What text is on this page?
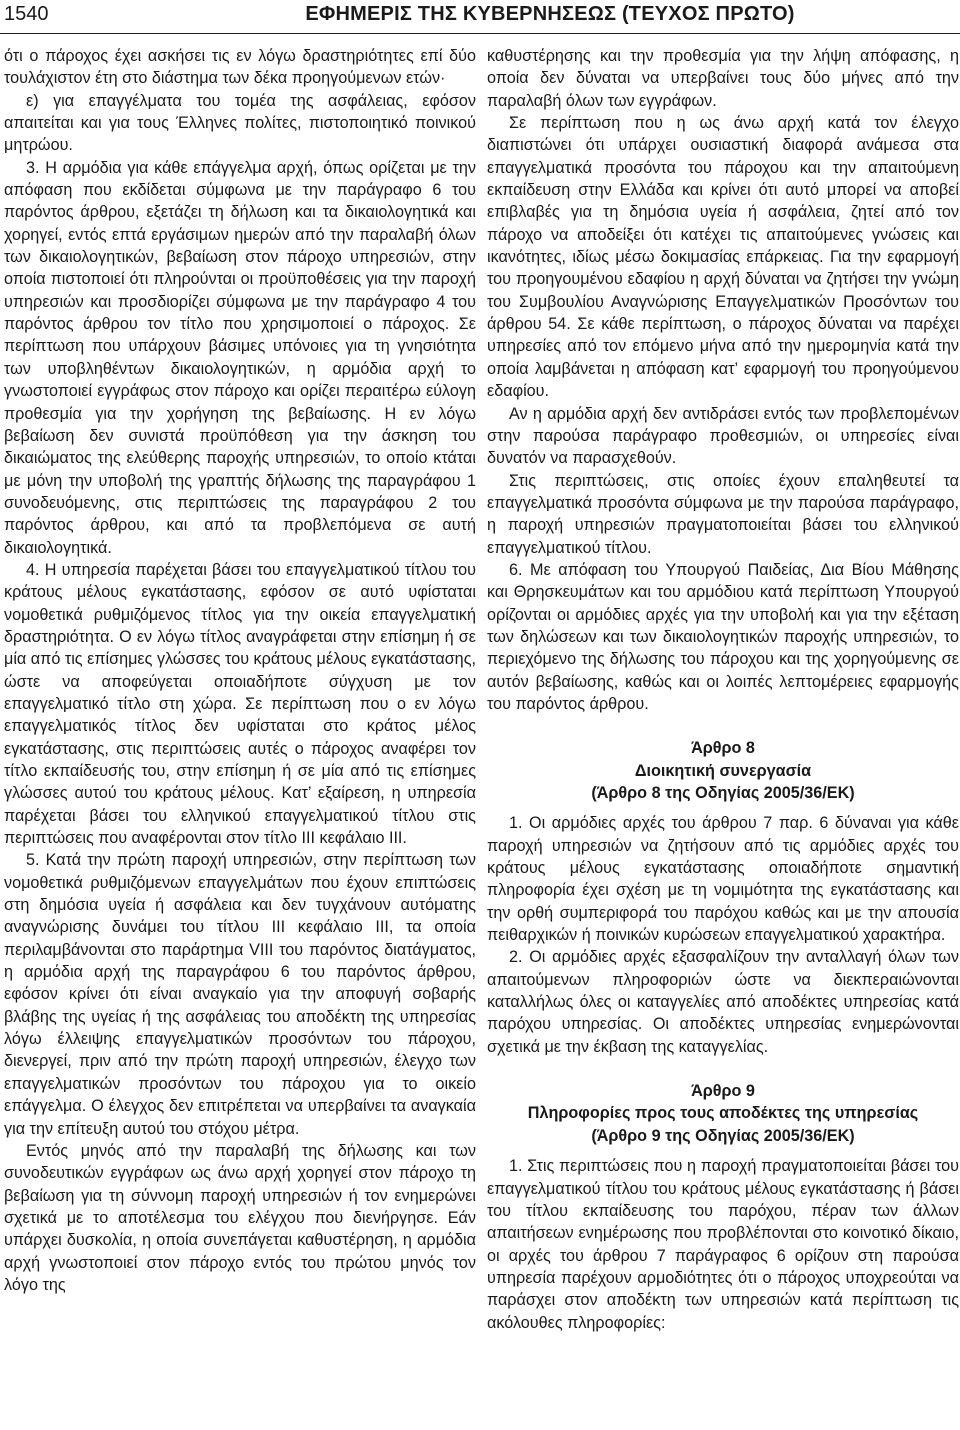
1540	ΕΦΗΜΕΡΙΣ ΤΗΣ ΚΥΒΕΡΝΗΣΕΩΣ (ΤΕΥΧΟΣ ΠΡΩΤΟ)

ότι ο πάροχος έχει ασκήσει τις εν λόγω δραστηριότητες επί δύο τουλάχιστον έτη στο διάστημα των δέκα προηγούμενων ετών·

ε) για επαγγέλματα του τομέα της ασφάλειας, εφόσον απαιτείται και για τους Έλληνες πολίτες, πιστοποιητικό ποινικού μητρώου.

3. Η αρμόδια για κάθε επάγγελμα αρχή, όπως ορίζεται με την απόφαση που εκδίδεται σύμφωνα με την παράγραφο 6 του παρόντος άρθρου, εξετάζει τη δήλωση και τα δικαιολογητικά και χορηγεί, εντός επτά εργάσιμων ημερών από την παραλαβή όλων των δικαιολογητικών, βεβαίωση στον πάροχο υπηρεσιών, στην οποία πιστοποιεί ότι πληρούνται οι προϋποθέσεις για την παροχή υπηρεσιών και προσδιορίζει σύμφωνα με την παράγραφο 4 του παρόντος άρθρου τον τίτλο που χρησιμοποιεί ο πάροχος. Σε περίπτωση που υπάρχουν βάσιμες υπόνοιες για τη γνησιότητα των υποβληθέντων δικαιολογητικών, η αρμόδια αρχή το γνωστοποιεί εγγράφως στον πάροχο και ορίζει περαιτέρω εύλογη προθεσμία για την χορήγηση της βεβαίωσης. Η εν λόγω βεβαίωση δεν συνιστά προϋπόθεση για την άσκηση του δικαιώματος της ελεύθερης παροχής υπηρεσιών, το οποίο κτάται με μόνη την υποβολή της γραπτής δήλωσης της παραγράφου 1 συνοδευόμενης, στις περιπτώσεις της παραγράφου 2 του παρόντος άρθρου, και από τα προβλεπόμενα σε αυτή δικαιολογητικά.

4. Η υπηρεσία παρέχεται βάσει του επαγγελματικού τίτλου του κράτους μέλους εγκατάστασης, εφόσον σε αυτό υφίσταται νομοθετικά ρυθμιζόμενος τίτλος για την οικεία επαγγελματική δραστηριότητα. Ο εν λόγω τίτλος αναγράφεται στην επίσημη ή σε μία από τις επίσημες γλώσσες του κράτους μέλους εγκατάστασης, ώστε να αποφεύγεται οποιαδήποτε σύγχυση με τον επαγγελματικό τίτλο στη χώρα. Σε περίπτωση που ο εν λόγω επαγγελματικός τίτλος δεν υφίσταται στο κράτος μέλος εγκατάστασης, στις περιπτώσεις αυτές ο πάροχος αναφέρει τον τίτλο εκπαίδευσής του, στην επίσημη ή σε μία από τις επίσημες γλώσσες αυτού του κράτους μέλους. Κατ’ εξαίρεση, η υπηρεσία παρέχεται βάσει του ελληνικού επαγγελματικού τίτλου στις περιπτώσεις που αναφέρονται στον τίτλο ΙΙΙ κεφάλαιο ΙΙΙ.

5. Κατά την πρώτη παροχή υπηρεσιών, στην περίπτωση των νομοθετικά ρυθμιζόμενων επαγγελμάτων που έχουν επιπτώσεις στη δημόσια υγεία ή ασφάλεια και δεν τυγχάνουν αυτόματης αναγνώρισης δυνάμει του τίτλου ΙΙΙ κεφάλαιο ΙΙΙ, τα οποία περιλαμβάνονται στο παράρτημα VIII του παρόντος διατάγματος, η αρμόδια αρχή της παραγράφου 6 του παρόντος άρθρου, εφόσον κρίνει ότι είναι αναγκαίο για την αποφυγή σοβαρής βλάβης της υγείας ή της ασφάλειας του αποδέκτη της υπηρεσίας λόγω έλλειψης επαγγελματικών προσόντων του πάροχου, διενεργεί, πριν από την πρώτη παροχή υπηρεσιών, έλεγχο των επαγγελματικών προσόντων του πάροχου για το οικείο επάγγελμα. Ο έλεγχος δεν επιτρέπεται να υπερβαίνει τα αναγκαία για την επίτευξη αυτού του στόχου μέτρα.

Εντός μηνός από την παραλαβή της δήλωσης και των συνοδευτικών εγγράφων ως άνω αρχή χορηγεί στον πάροχο τη βεβαίωση για τη σύννομη παροχή υπηρεσιών ή τον ενημερώνει σχετικά με το αποτέλεσμα του ελέγχου που διενήργησε. Εάν υπάρχει δυσκολία, η οποία συνεπάγεται καθυστέρηση, η αρμόδια αρχή γνωστοποιεί στον πάροχο εντός του πρώτου μηνός τον λόγο της

καθυστέρησης και την προθεσμία για την λήψη απόφασης, η οποία δεν δύναται να υπερβαίνει τους δύο μήνες από την παραλαβή όλων των εγγράφων.

Σε περίπτωση που η ως άνω αρχή κατά τον έλεγχο διαπιστώνει ότι υπάρχει ουσιαστική διαφορά ανάμεσα στα επαγγελματικά προσόντα του πάροχου και την απαιτούμενη εκπαίδευση στην Ελλάδα και κρίνει ότι αυτό μπορεί να αποβεί επιβλαβές για τη δημόσια υγεία ή ασφάλεια, ζητεί από τον πάροχο να αποδείξει ότι κατέχει τις απαιτούμενες γνώσεις και ικανότητες, ιδίως μέσω δοκιμασίας επάρκειας. Για την εφαρμογή του προηγουμένου εδαφίου η αρχή δύναται να ζητήσει την γνώμη του Συμβουλίου Αναγνώρισης Επαγγελματικών Προσόντων του άρθρου 54. Σε κάθε περίπτωση, ο πάροχος δύναται να παρέχει υπηρεσίες από τον επόμενο μήνα από την ημερομηνία κατά την οποία λαμβάνεται η απόφαση κατ’ εφαρμογή του προηγούμενου εδαφίου.

Αν η αρμόδια αρχή δεν αντιδράσει εντός των προβλεπομένων στην παρούσα παράγραφο προθεσμιών, οι υπηρεσίες είναι δυνατόν να παρασχεθούν.

Στις περιπτώσεις, στις οποίες έχουν επαληθευτεί τα επαγγελματικά προσόντα σύμφωνα με την παρούσα παράγραφο, η παροχή υπηρεσιών πραγματοποιείται βάσει του ελληνικού επαγγελματικού τίτλου.

6. Με απόφαση του Υπουργού Παιδείας, Δια Βίου Μάθησης και Θρησκευμάτων και του αρμόδιου κατά περίπτωση Υπουργού ορίζονται οι αρμόδιες αρχές για την υποβολή και για την εξέταση των δηλώσεων και των δικαιολογητικών παροχής υπηρεσιών, το περιεχόμενο της δήλωσης του πάροχου και της χορηγούμενης σε αυτόν βεβαίωσης, καθώς και οι λοιπές λεπτομέρειες εφαρμογής του παρόντος άρθρου.

Άρθρο 8

Διοικητική συνεργασία

(Άρθρο 8 της Οδηγίας 2005/36/ΕΚ)

1. Οι αρμόδιες αρχές του άρθρου 7 παρ. 6 δύναναι για κάθε παροχή υπηρεσιών να ζητήσουν από τις αρμόδιες αρχές του κράτους μέλους εγκατάστασης οποιαδήποτε σημαντική πληροφορία έχει σχέση με τη νομιμότητα της εγκατάστασης και την ορθή συμπεριφορά του παρόχου καθώς και με την απουσία πειθαρχικών ή ποινικών κυρώσεων επαγγελματικού χαρακτήρα.

2. Οι αρμόδιες αρχές εξασφαλίζουν την ανταλλαγή όλων των απαιτούμενων πληροφοριών ώστε να διεκπεραιώνονται καταλλήλως όλες οι καταγγελίες από αποδέκτες υπηρεσίας κατά παρόχου υπηρεσίας. Οι αποδέκτες υπηρεσίας ενημερώνονται σχετικά με την έκβαση της καταγγελίας.

Άρθρο 9

Πληροφορίες προς τους αποδέκτες της υπηρεσίας

(Άρθρο 9 της Οδηγίας 2005/36/ΕΚ)

1. Στις περιπτώσεις που η παροχή πραγματοποιείται βάσει του επαγγελματικού τίτλου του κράτους μέλους εγκατάστασης ή βάσει του τίτλου εκπαίδευσης του παρόχου, πέραν των άλλων απαιτήσεων ενημέρωσης που προβλέπονται στο κοινοτικό δίκαιο, οι αρχές του άρθρου 7 παράγραφος 6 ορίζουν στη παρούσα υπηρεσία παρέχουν αρμοδιότητες ότι ο πάροχος υποχρεούται να παράσχει στον αποδέκτη των υπηρεσιών κατά περίπτωση τις ακόλουθες πληροφορίες:
